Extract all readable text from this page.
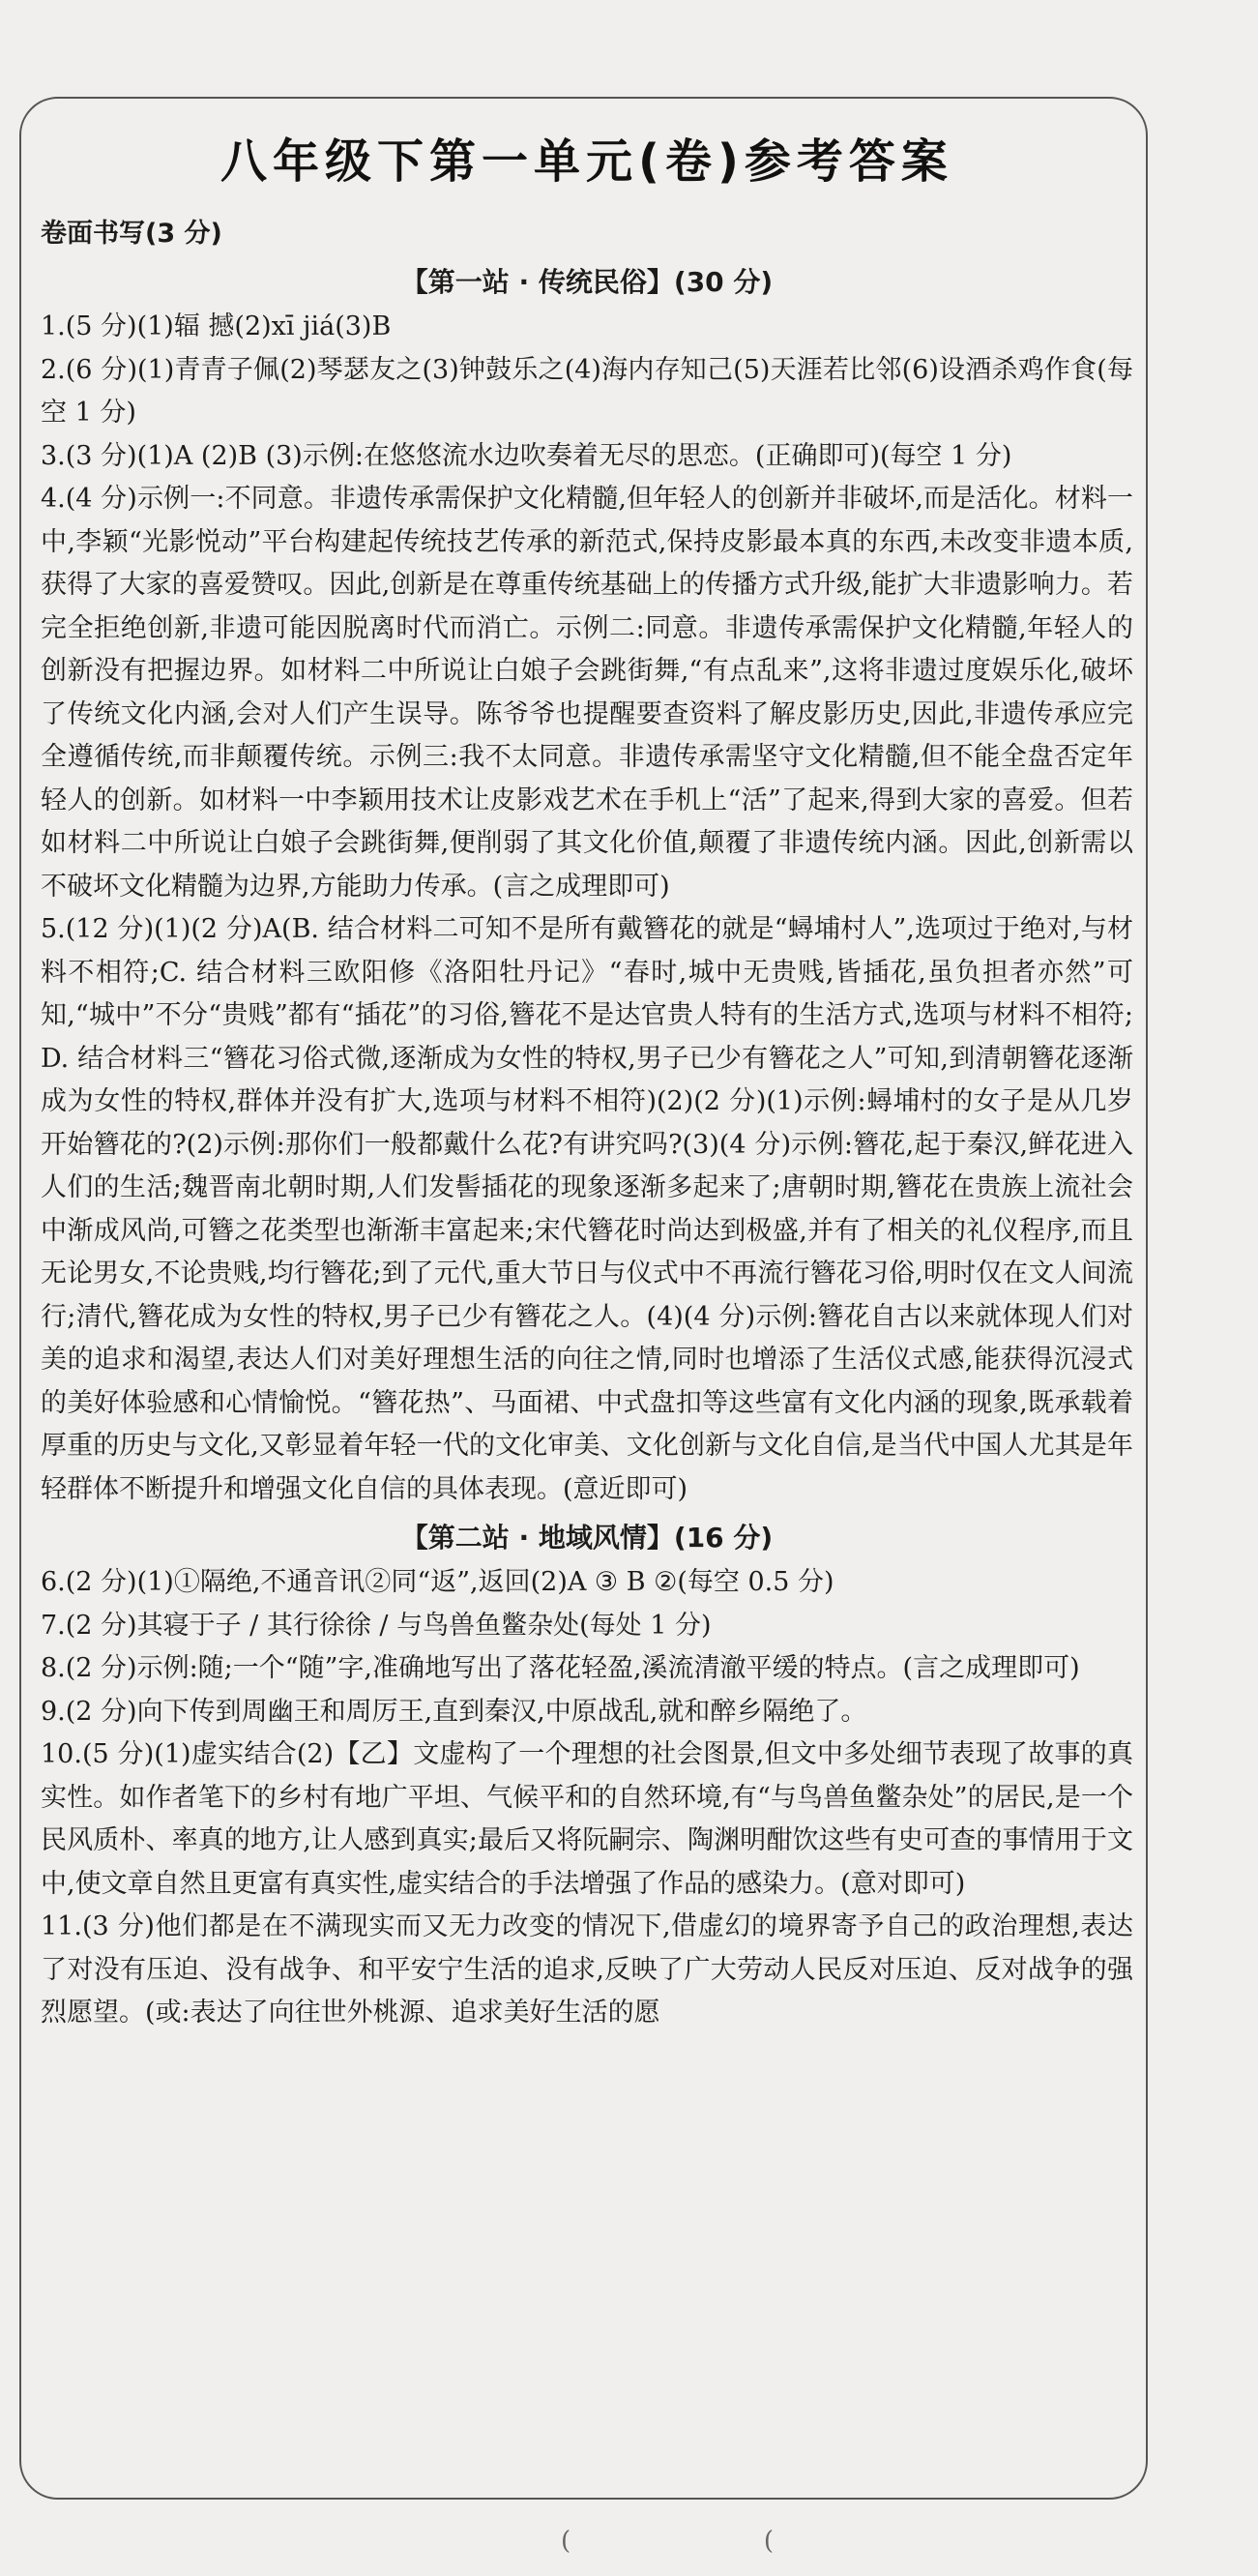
八年级下第一单元(卷)参考答案

卷面书写(3 分)

【第一站 · 传统民俗】(30 分)

1.(5 分)(1)辐 撼(2)xī jiá(3)B

2.(6 分)(1)青青子佩(2)琴瑟友之(3)钟鼓乐之(4)海内存知己(5)天涯若比邻(6)设酒杀鸡作食(每空 1 分)

3.(3 分)(1)A (2)B (3)示例:在悠悠流水边吹奏着无尽的思恋。(正确即可)(每空 1 分)

4.(4 分)示例一:不同意。非遗传承需保护文化精髓,但年轻人的创新并非破坏,而是活化。材料一中,李颖“光影悦动”平台构建起传统技艺传承的新范式,保持皮影最本真的东西,未改变非遗本质,获得了大家的喜爱赞叹。因此,创新是在尊重传统基础上的传播方式升级,能扩大非遗影响力。若完全拒绝创新,非遗可能因脱离时代而消亡。示例二:同意。非遗传承需保护文化精髓,年轻人的创新没有把握边界。如材料二中所说让白娘子会跳街舞,“有点乱来”,这将非遗过度娱乐化,破坏了传统文化内涵,会对人们产生误导。陈爷爷也提醒要查资料了解皮影历史,因此,非遗传承应完全遵循传统,而非颠覆传统。示例三:我不太同意。非遗传承需坚守文化精髓,但不能全盘否定年轻人的创新。如材料一中李颖用技术让皮影戏艺术在手机上“活”了起来,得到大家的喜爱。但若如材料二中所说让白娘子会跳街舞,便削弱了其文化价值,颠覆了非遗传统内涵。因此,创新需以不破坏文化精髓为边界,方能助力传承。(言之成理即可)

5.(12 分)(1)(2 分)A(B. 结合材料二可知不是所有戴簪花的就是“蟳埔村人”,选项过于绝对,与材料不相符;C. 结合材料三欧阳修《洛阳牡丹记》“春时,城中无贵贱,皆插花,虽负担者亦然”可知,“城中”不分“贵贱”都有“插花”的习俗,簪花不是达官贵人特有的生活方式,选项与材料不相符;D. 结合材料三“簪花习俗式微,逐渐成为女性的特权,男子已少有簪花之人”可知,到清朝簪花逐渐成为女性的特权,群体并没有扩大,选项与材料不相符)(2)(2 分)(1)示例:蟳埔村的女子是从几岁开始簪花的?(2)示例:那你们一般都戴什么花?有讲究吗?(3)(4 分)示例:簪花,起于秦汉,鲜花进入人们的生活;魏晋南北朝时期,人们发髻插花的现象逐渐多起来了;唐朝时期,簪花在贵族上流社会中渐成风尚,可簪之花类型也渐渐丰富起来;宋代簪花时尚达到极盛,并有了相关的礼仪程序,而且无论男女,不论贵贱,均行簪花;到了元代,重大节日与仪式中不再流行簪花习俗,明时仅在文人间流行;清代,簪花成为女性的特权,男子已少有簪花之人。(4)(4 分)示例:簪花自古以来就体现人们对美的追求和渴望,表达人们对美好理想生活的向往之情,同时也增添了生活仪式感,能获得沉浸式的美好体验感和心情愉悦。“簪花热”、马面裙、中式盘扣等这些富有文化内涵的现象,既承载着厚重的历史与文化,又彰显着年轻一代的文化审美、文化创新与文化自信,是当代中国人尤其是年轻群体不断提升和增强文化自信的具体表现。(意近即可)

【第二站 · 地域风情】(16 分)

6.(2 分)(1)①隔绝,不通音讯②同“返”,返回(2)A ③ B ②(每空 0.5 分)

7.(2 分)其寝于子 / 其行徐徐 / 与鸟兽鱼鳖杂处(每处 1 分)

8.(2 分)示例:随;一个“随”字,准确地写出了落花轻盈,溪流清澈平缓的特点。(言之成理即可)

9.(2 分)向下传到周幽王和周厉王,直到秦汉,中原战乱,就和醉乡隔绝了。

10.(5 分)(1)虚实结合(2)【乙】文虚构了一个理想的社会图景,但文中多处细节表现了故事的真实性。如作者笔下的乡村有地广平坦、气候平和的自然环境,有“与鸟兽鱼鳖杂处”的居民,是一个民风质朴、率真的地方,让人感到真实;最后又将阮嗣宗、陶渊明酣饮这些有史可查的事情用于文中,使文章自然且更富有真实性,虚实结合的手法增强了作品的感染力。(意对即可)

11.(3 分)他们都是在不满现实而又无力改变的情况下,借虚幻的境界寄予自己的政治理想,表达了对没有压迫、没有战争、和平安宁生活的追求,反映了广大劳动人民反对压迫、反对战争的强烈愿望。(或:表达了向往世外桃源、追求美好生活的愿

(	(
